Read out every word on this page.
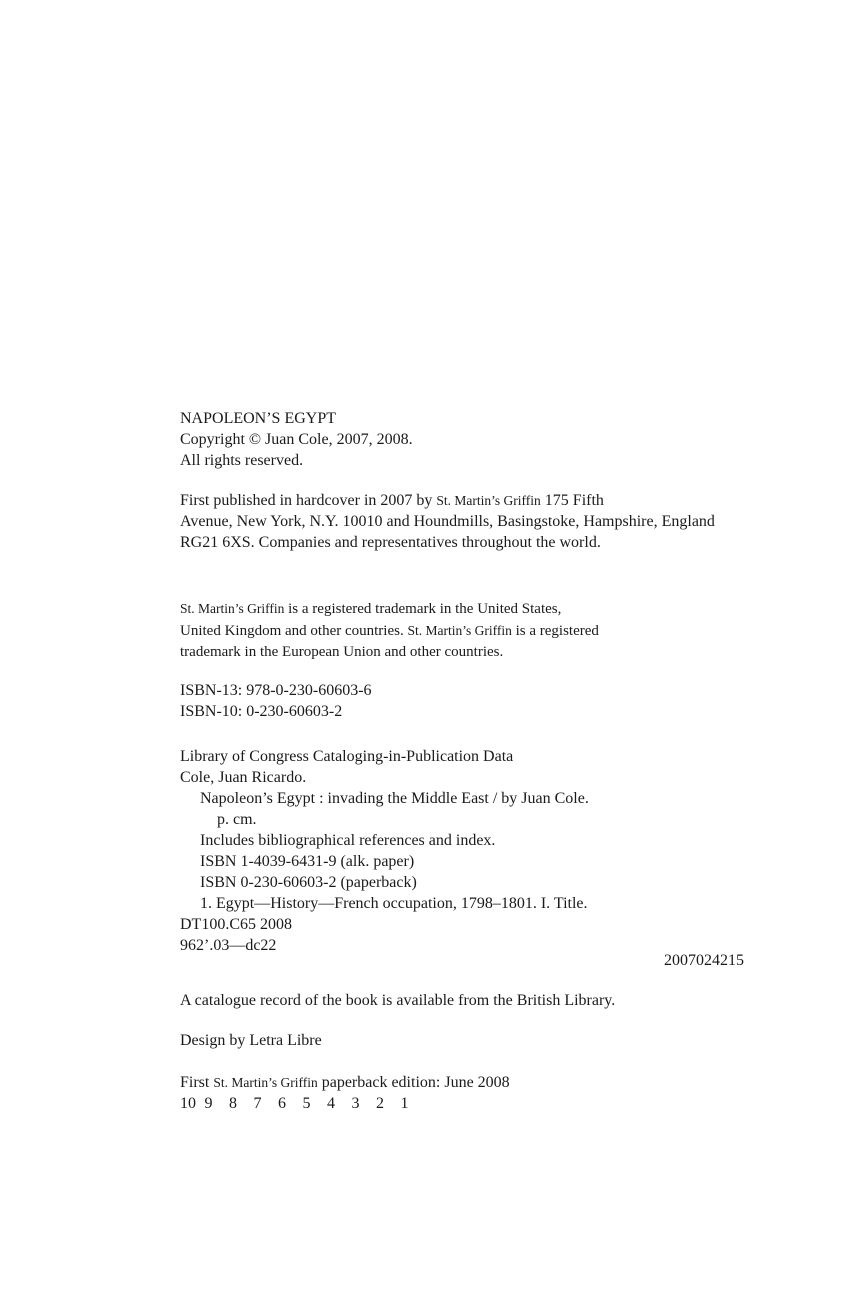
NAPOLEON’S EGYPT
Copyright © Juan Cole, 2007, 2008.
All rights reserved.
First published in hardcover in 2007 by St. Martin’s Griffin 175 Fifth
Avenue, New York, N.Y. 10010 and Houndmills, Basingstoke, Hampshire, England
RG21 6XS. Companies and representatives throughout the world.
St. Martin’s Griffin is a registered trademark in the United States,
United Kingdom and other countries. St. Martin’s Griffin is a registered
trademark in the European Union and other countries.
ISBN-13: 978-0-230-60603-6
ISBN-10: 0-230-60603-2
Library of Congress Cataloging-in-Publication Data
Cole, Juan Ricardo.
Napoleon’s Egypt : invading the Middle East / by Juan Cole.
p. cm.
Includes bibliographical references and index.
ISBN 1-4039-6431-9 (alk. paper)
ISBN 0-230-60603-2 (paperback)
1. Egypt—History—French occupation, 1798–1801. I. Title.
DT100.C65 2008
962’.03—dc22
2007024215
A catalogue record of the book is available from the British Library.
Design by Letra Libre
First St. Martin’s Griffin paperback edition: June 2008
10 9 8 7 6 5 4 3 2 1
